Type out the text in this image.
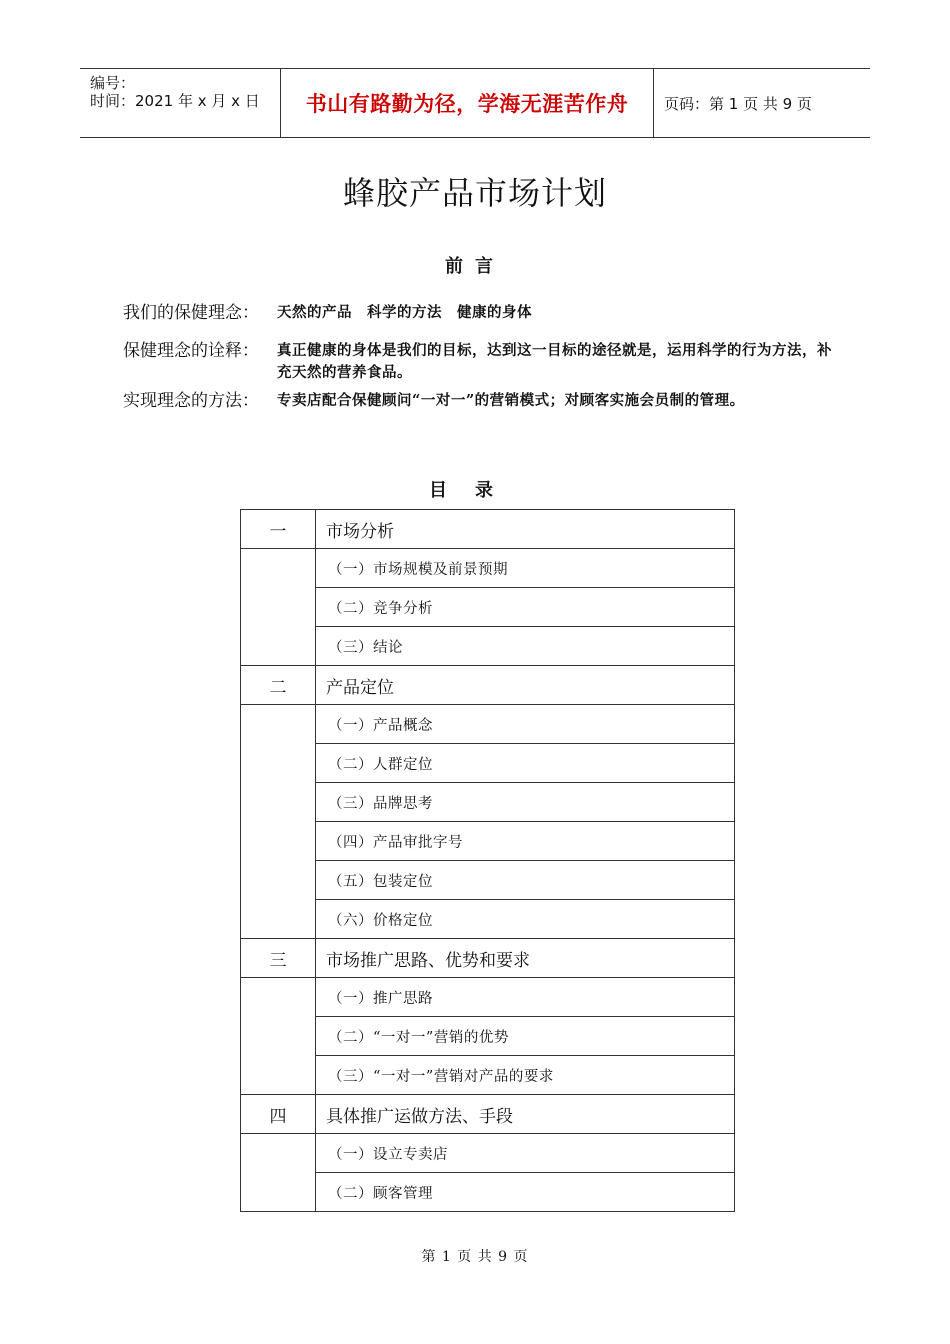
编号：
时间：2021 年 x 月 x 日	书山有路勤为径，学海无涯苦作舟	页码：第 1 页 共 9 页
蜂胶产品市场计划
前言
我们的保健理念： 天然的产品　科学的方法　健康的身体
保健理念的诠释： 真正健康的身体是我们的目标，达到这一目标的途径就是，运用科学的行为方法，补充天然的营养食品。
实现理念的方法： 专卖店配合保健顾问“一对一”的营销模式；对顾客实施会员制的管理。
目录
一	市场分析
	（一）市场规模及前景预期
	（二）竞争分析
	（三）结论
二	产品定位
	（一）产品概念
	（二）人群定位
	（三）品牌思考
	（四）产品审批字号
	（五）包装定位
	（六）价格定位
三	市场推广思路、优势和要求
	（一）推广思路
	（二）“一对一”营销的优势
	（三）“一对一”营销对产品的要求
四	具体推广运做方法、手段
	（一）设立专卖店
	（二）顾客管理
第 1 页 共 9 页
